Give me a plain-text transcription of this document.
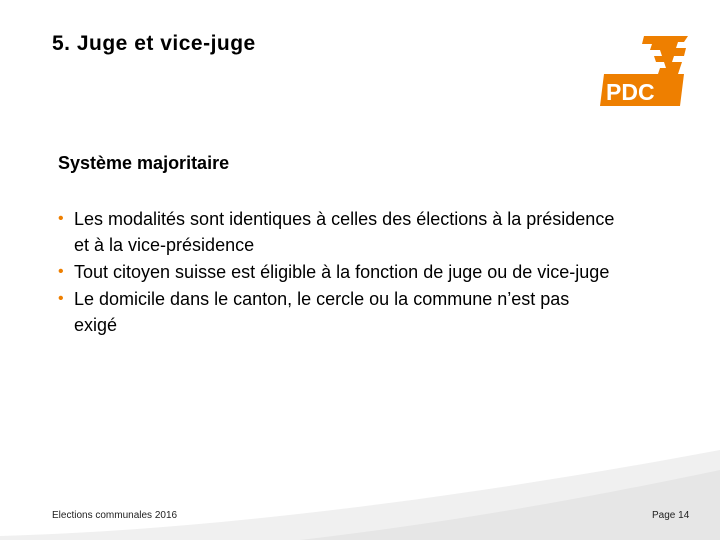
5. Juge et vice-juge
PDC
Système majoritaire
• Les modalités sont identiques à celles des élections à la présidence et à la vice-présidence
• Tout citoyen suisse est éligible à la fonction de juge ou de vice-juge
• Le domicile dans le canton, le cercle ou la commune n’est pas exigé
Elections communales 2016	Page 14
